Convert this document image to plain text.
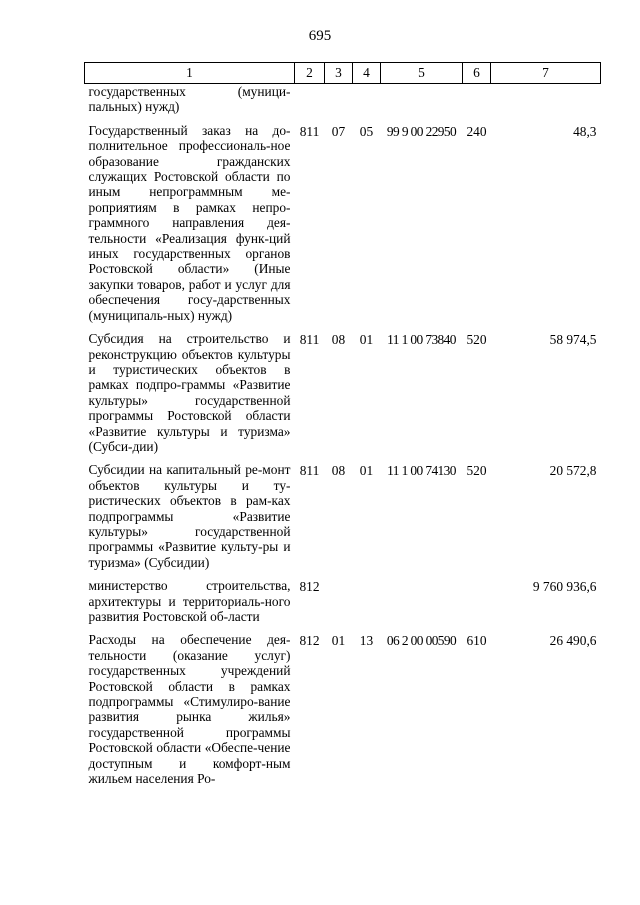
695
1	2	3	4	5	6	7
государственных (муници-пальных) нужд)						
Государственный заказ на до-полнительное профессиональ-ное образование гражданских служащих Ростовской области по иным непрограммным ме-роприятиям в рамках непро-граммного направления дея-тельности «Реализация функ-ций иных государственных органов Ростовской области» (Иные закупки товаров, работ и услуг для обеспечения госу-дарственных (муниципаль-ных) нужд)	811	07	05	99 9 00 22950	240	48,3
Субсидия на строительство и реконструкцию объектов культуры и туристических объектов в рамках подпро-граммы «Развитие культуры» государственной программы Ростовской области «Развитие культуры и туризма» (Субси-дии)	811	08	01	11 1 00 73840	520	58 974,5
Субсидии на капитальный ре-монт объектов культуры и ту-ристических объектов в рам-ках подпрограммы «Развитие культуры» государственной программы «Развитие культу-ры и туризма» (Субсидии)	811	08	01	11 1 00 74130	520	20 572,8
министерство строительства, архитектуры и территориаль-ного развития Ростовской об-ласти	812					9 760 936,6
Расходы на обеспечение дея-тельности (оказание услуг) государственных учреждений Ростовской области в рамках подпрограммы «Стимулиро-вание развития рынка жилья» государственной программы Ростовской области «Обеспе-чение доступным и комфорт-ным жильем населения Ро-	812	01	13	06 2 00 00590	610	26 490,6
